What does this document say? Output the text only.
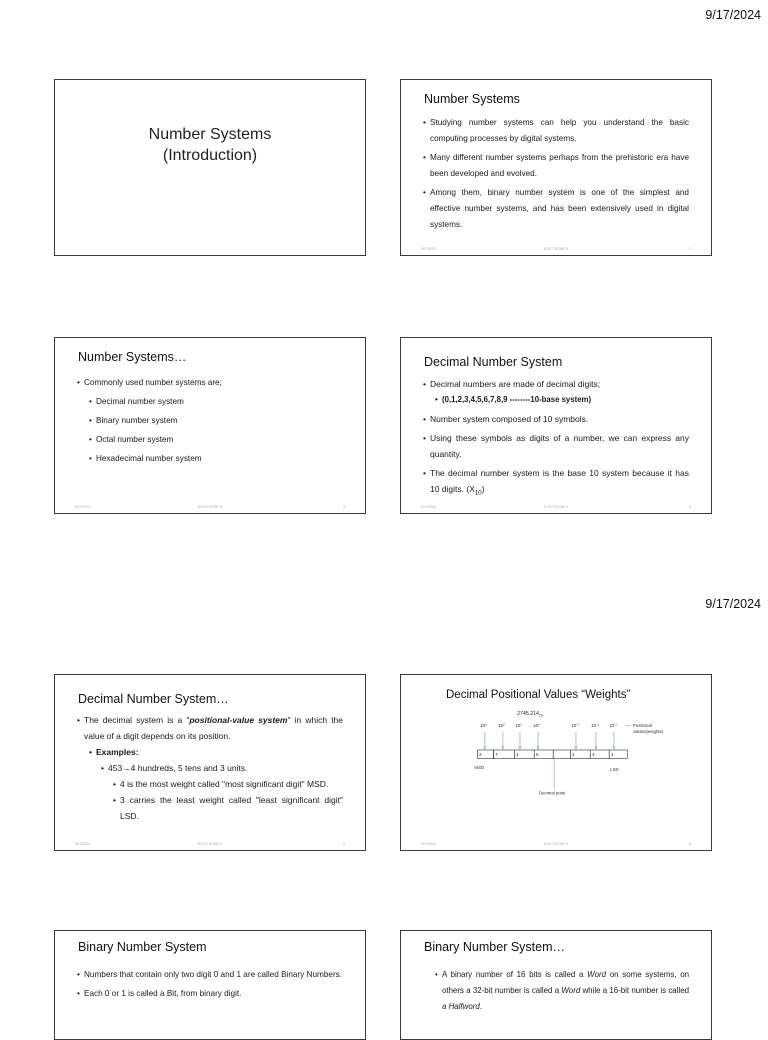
9/17/2024
9/17/2024
Number Systems
(Introduction)
Number Systems
• Studying number systems can help you understand the basic computing processes by digital systems.
• Many different number systems perhaps from the prehistoric era have been developed and evolved.
• Among them, binary number system is one of the simplest and effective number systems, and has been extensively used in digital systems.
9/17/2024	ELECTRONICS	2
Number Systems…
• Commonly used number systems are;
• Decimal number system
• Binary number system
• Octal number system
• Hexadecimal number system
9/17/2024	ELECTRONICS	3
Decimal Number System
• Decimal numbers are made of decimal digits;
• (0,1,2,3,4,5,6,7,8,9 --------10-base system)
• Number system composed of 10 symbols.
• Using these symbols as digits of a number, we can express any quantity.
• The decimal number system is the base 10 system because it has 10 digits. $(X_{10})$
9/17/2024	ELECTRONICS	4
Decimal Number System…
• The decimal system is a "positional-value system" in which the value of a digit depends on its position.
• Examples:
• 453→4 hundreds, 5 tens and 3 units.
• 4 is the most weight called "most significant digit" MSD.
• 3 carries the least weight called "least significant digit" LSD.
9/17/2024	ELECTRONICS	5
Decimal Positional Values “Weights”
$2745.214_{10}$
$10^3$ $10^2$ $10^1$ $10^0$	$10^{-1}$	$10^{-2}$ $10^{-3}$	Positional
values(weights)
2	7	4	5	2	1	4
MSD	LSD
Decimal point
9/17/2024	ELECTRONICS	6
Binary Number System
• Numbers that contain only two digit 0 and 1 are called Binary Numbers.
• Each 0 or 1 is called a Bit, from binary digit.
Binary Number System…
• A binary number of 16 bits is called a Word on some systems, on others a 32-bit number is called a Word while a 16-bit number is called a Halfword.
